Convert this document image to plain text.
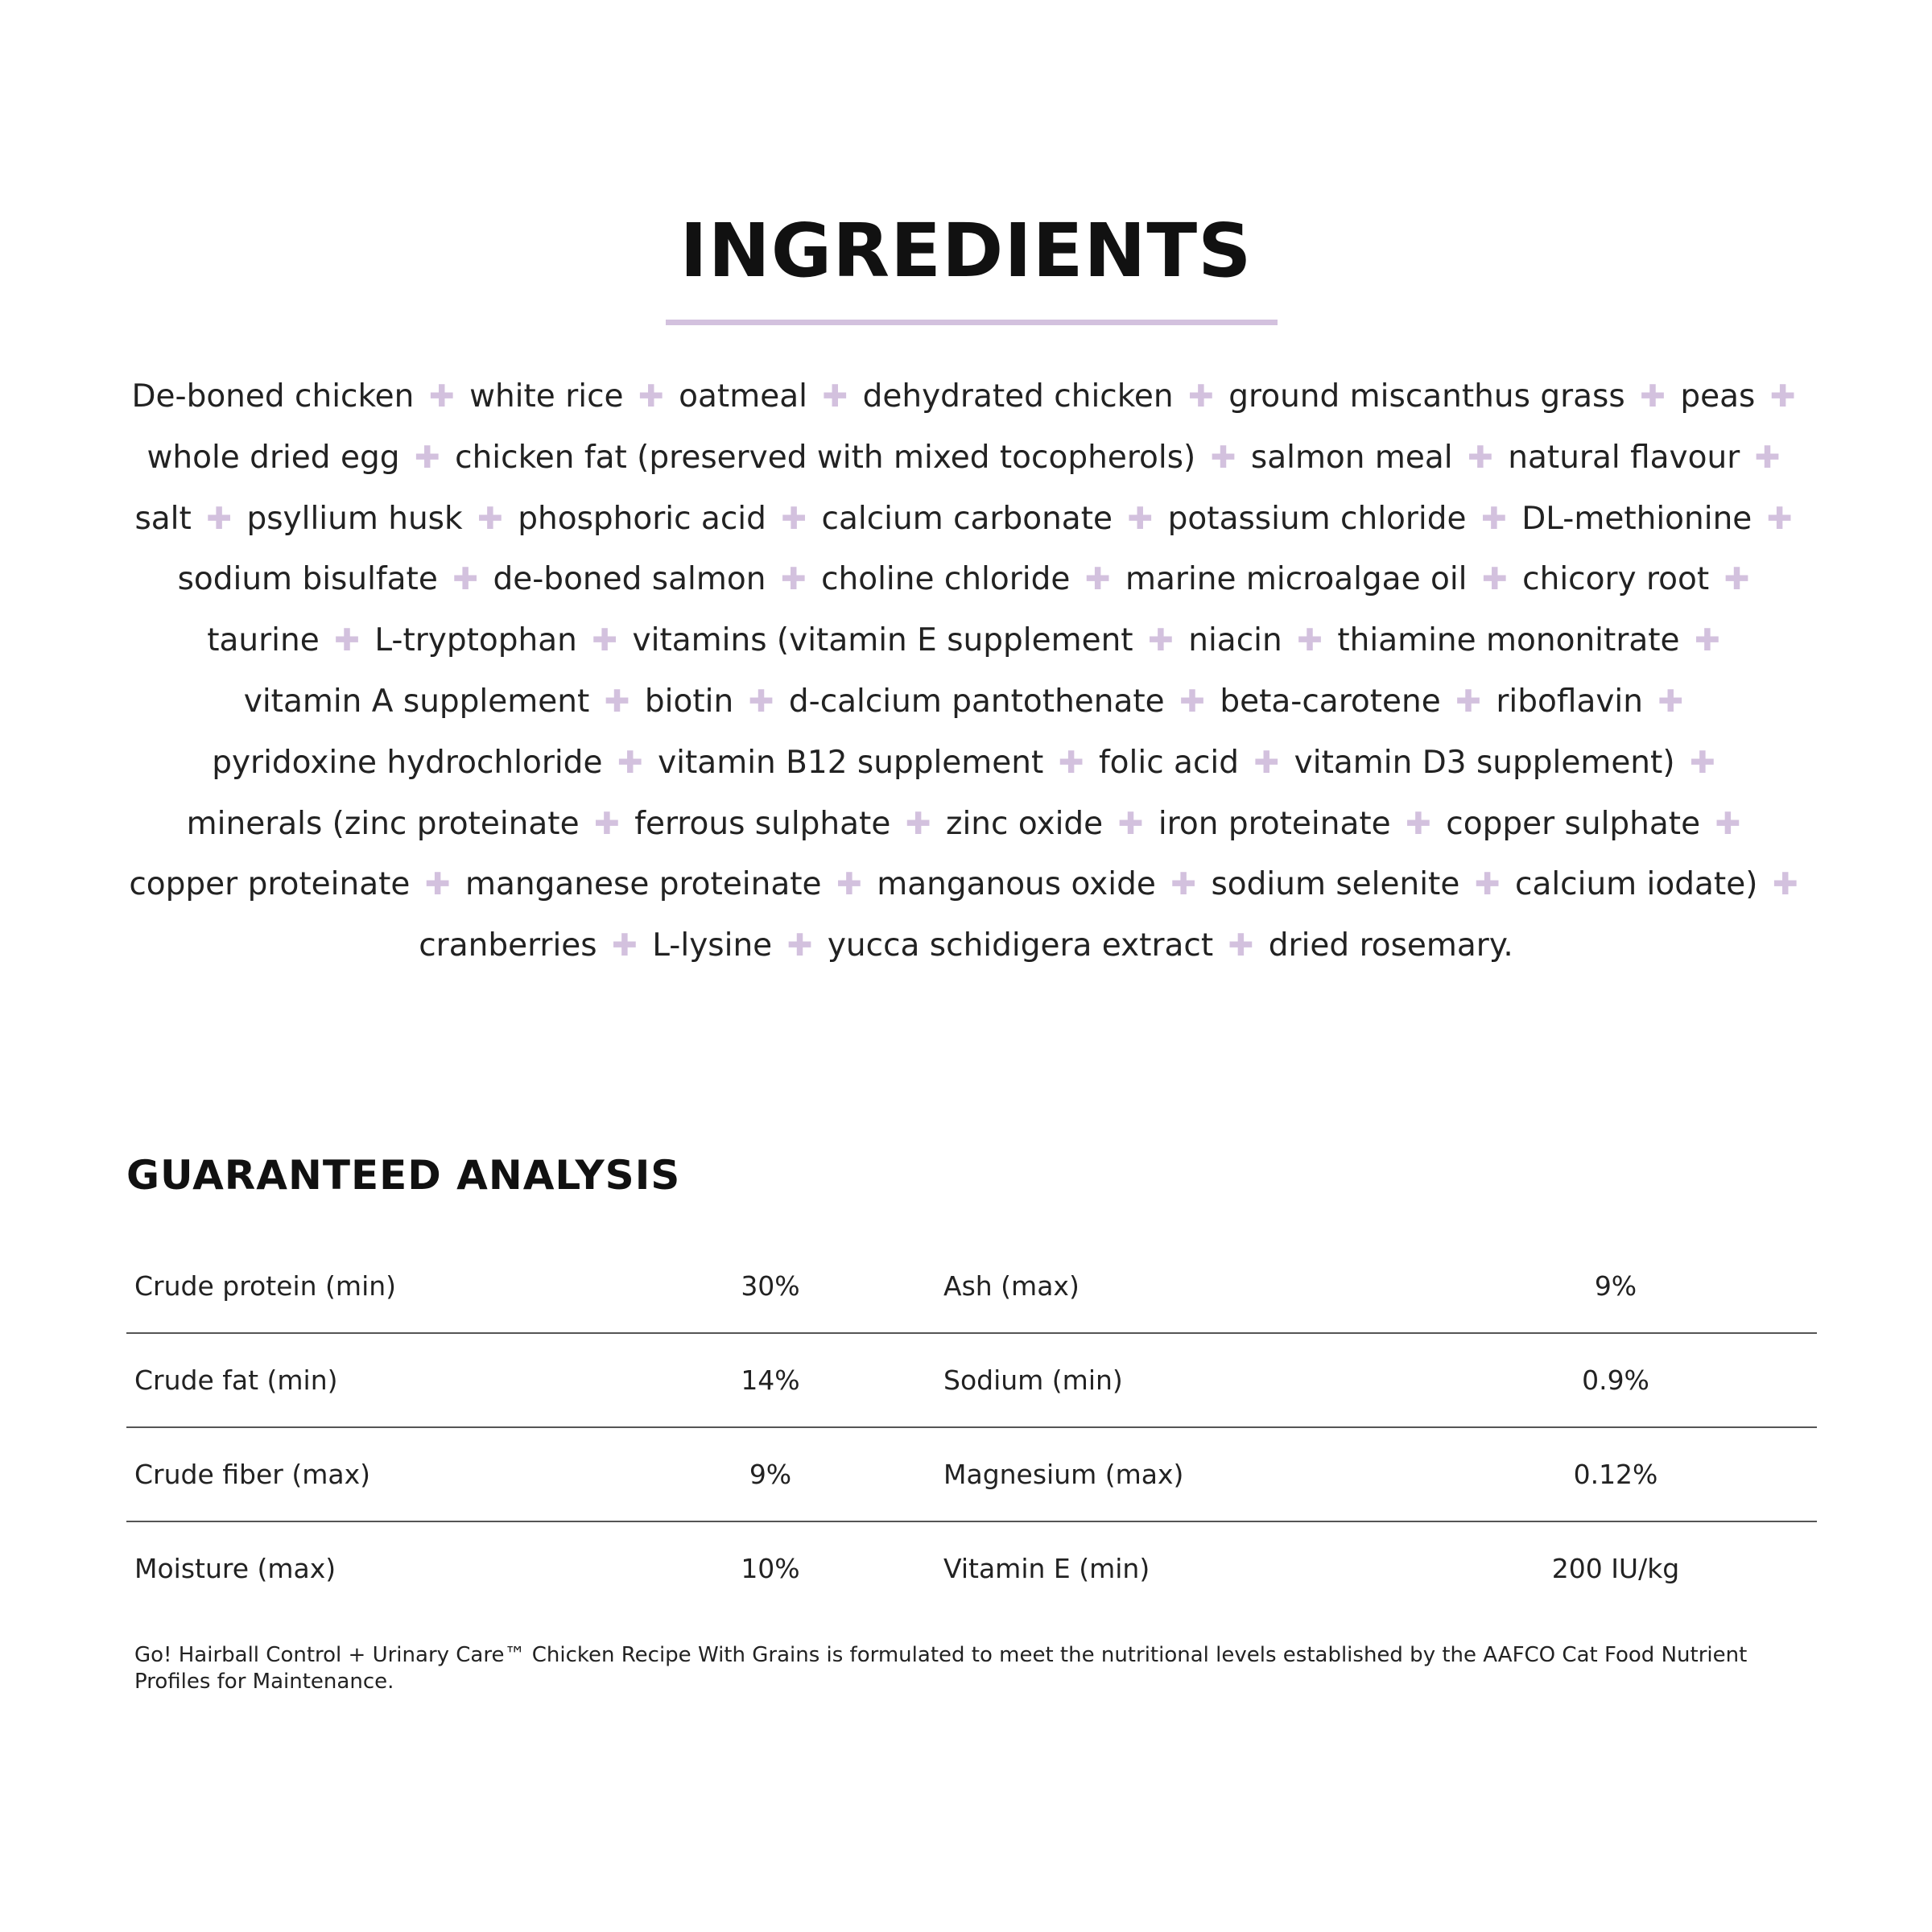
INGREDIENTS

De-boned chicken ✚ white rice ✚ oatmeal ✚ dehydrated chicken ✚ ground miscanthus grass ✚ peas ✚ whole dried egg ✚ chicken fat (preserved with mixed tocopherols) ✚ salmon meal ✚ natural flavour ✚ salt ✚ psyllium husk ✚ phosphoric acid ✚ calcium carbonate ✚ potassium chloride ✚ DL-methionine ✚ sodium bisulfate ✚ de-boned salmon ✚ choline chloride ✚ marine microalgae oil ✚ chicory root ✚ taurine ✚ L-tryptophan ✚ vitamins (vitamin E supplement ✚ niacin ✚ thiamine mononitrate ✚ vitamin A supplement ✚ biotin ✚ d-calcium pantothenate ✚ beta-carotene ✚ riboflavin ✚ pyridoxine hydrochloride ✚ vitamin B12 supplement ✚ folic acid ✚ vitamin D3 supplement) ✚ minerals (zinc proteinate ✚ ferrous sulphate ✚ zinc oxide ✚ iron proteinate ✚ copper sulphate ✚ copper proteinate ✚ manganese proteinate ✚ manganous oxide ✚ sodium selenite ✚ calcium iodate) ✚ cranberries ✚ L-lysine ✚ yucca schidigera extract ✚ dried rosemary.

GUARANTEED ANALYSIS
Crude protein (min)	30%	Ash (max)	9%
Crude fat (min)	14%	Sodium (min)	0.9%
Crude fiber (max)	9%	Magnesium (max)	0.12%
Moisture (max)	10%	Vitamin E (min)	200 IU/kg

Go! Hairball Control + Urinary Care™ Chicken Recipe With Grains is formulated to meet the nutritional levels established by the AAFCO Cat Food Nutrient Profiles for Maintenance.
